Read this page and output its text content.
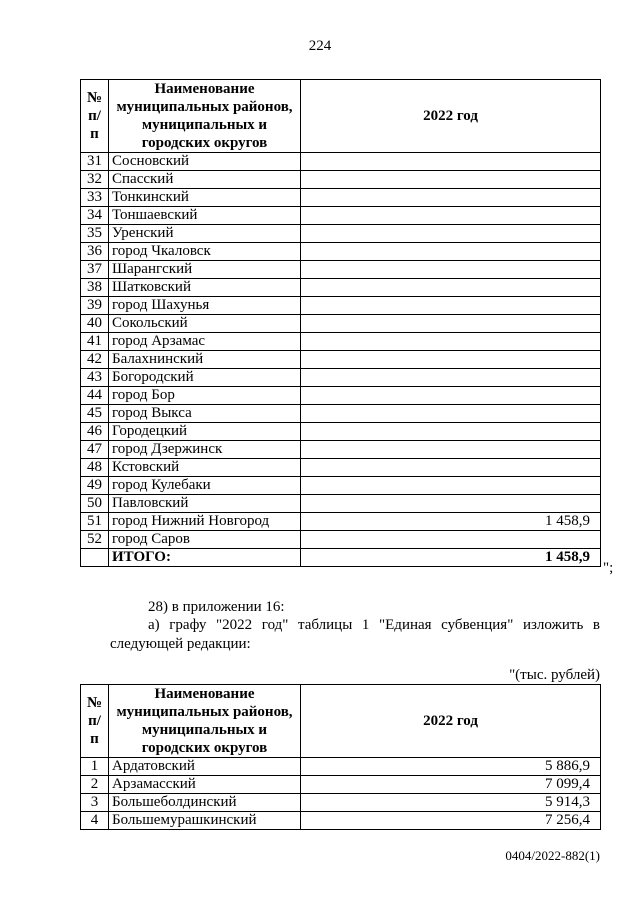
224
№ п/п	Наименование муниципальных районов, муниципальных и городских округов	2022 год
31	Сосновский	
32	Спасский	
33	Тонкинский	
34	Тоншаевский	
35	Уренский	
36	город Чкаловск	
37	Шарангский	
38	Шатковский	
39	город Шахунья	
40	Сокольский	
41	город Арзамас	
42	Балахнинский	
43	Богородский	
44	город Бор	
45	город Выкса	
46	Городецкий	
47	город Дзержинск	
48	Кстовский	
49	город Кулебаки	
50	Павловский	
51	город Нижний Новгород	1 458,9
52	город Саров	
	ИТОГО:	1 458,9
";
28) в приложении 16:
а) графу "2022 год" таблицы 1 "Единая субвенция" изложить в следующей редакции:
"(тыс. рублей)
№ п/п	Наименование муниципальных районов, муниципальных и городских округов	2022 год
1	Ардатовский	5 886,9
2	Арзамасский	7 099,4
3	Большеболдинский	5 914,3
4	Большемурашкинский	7 256,4
0404/2022-882(1)
